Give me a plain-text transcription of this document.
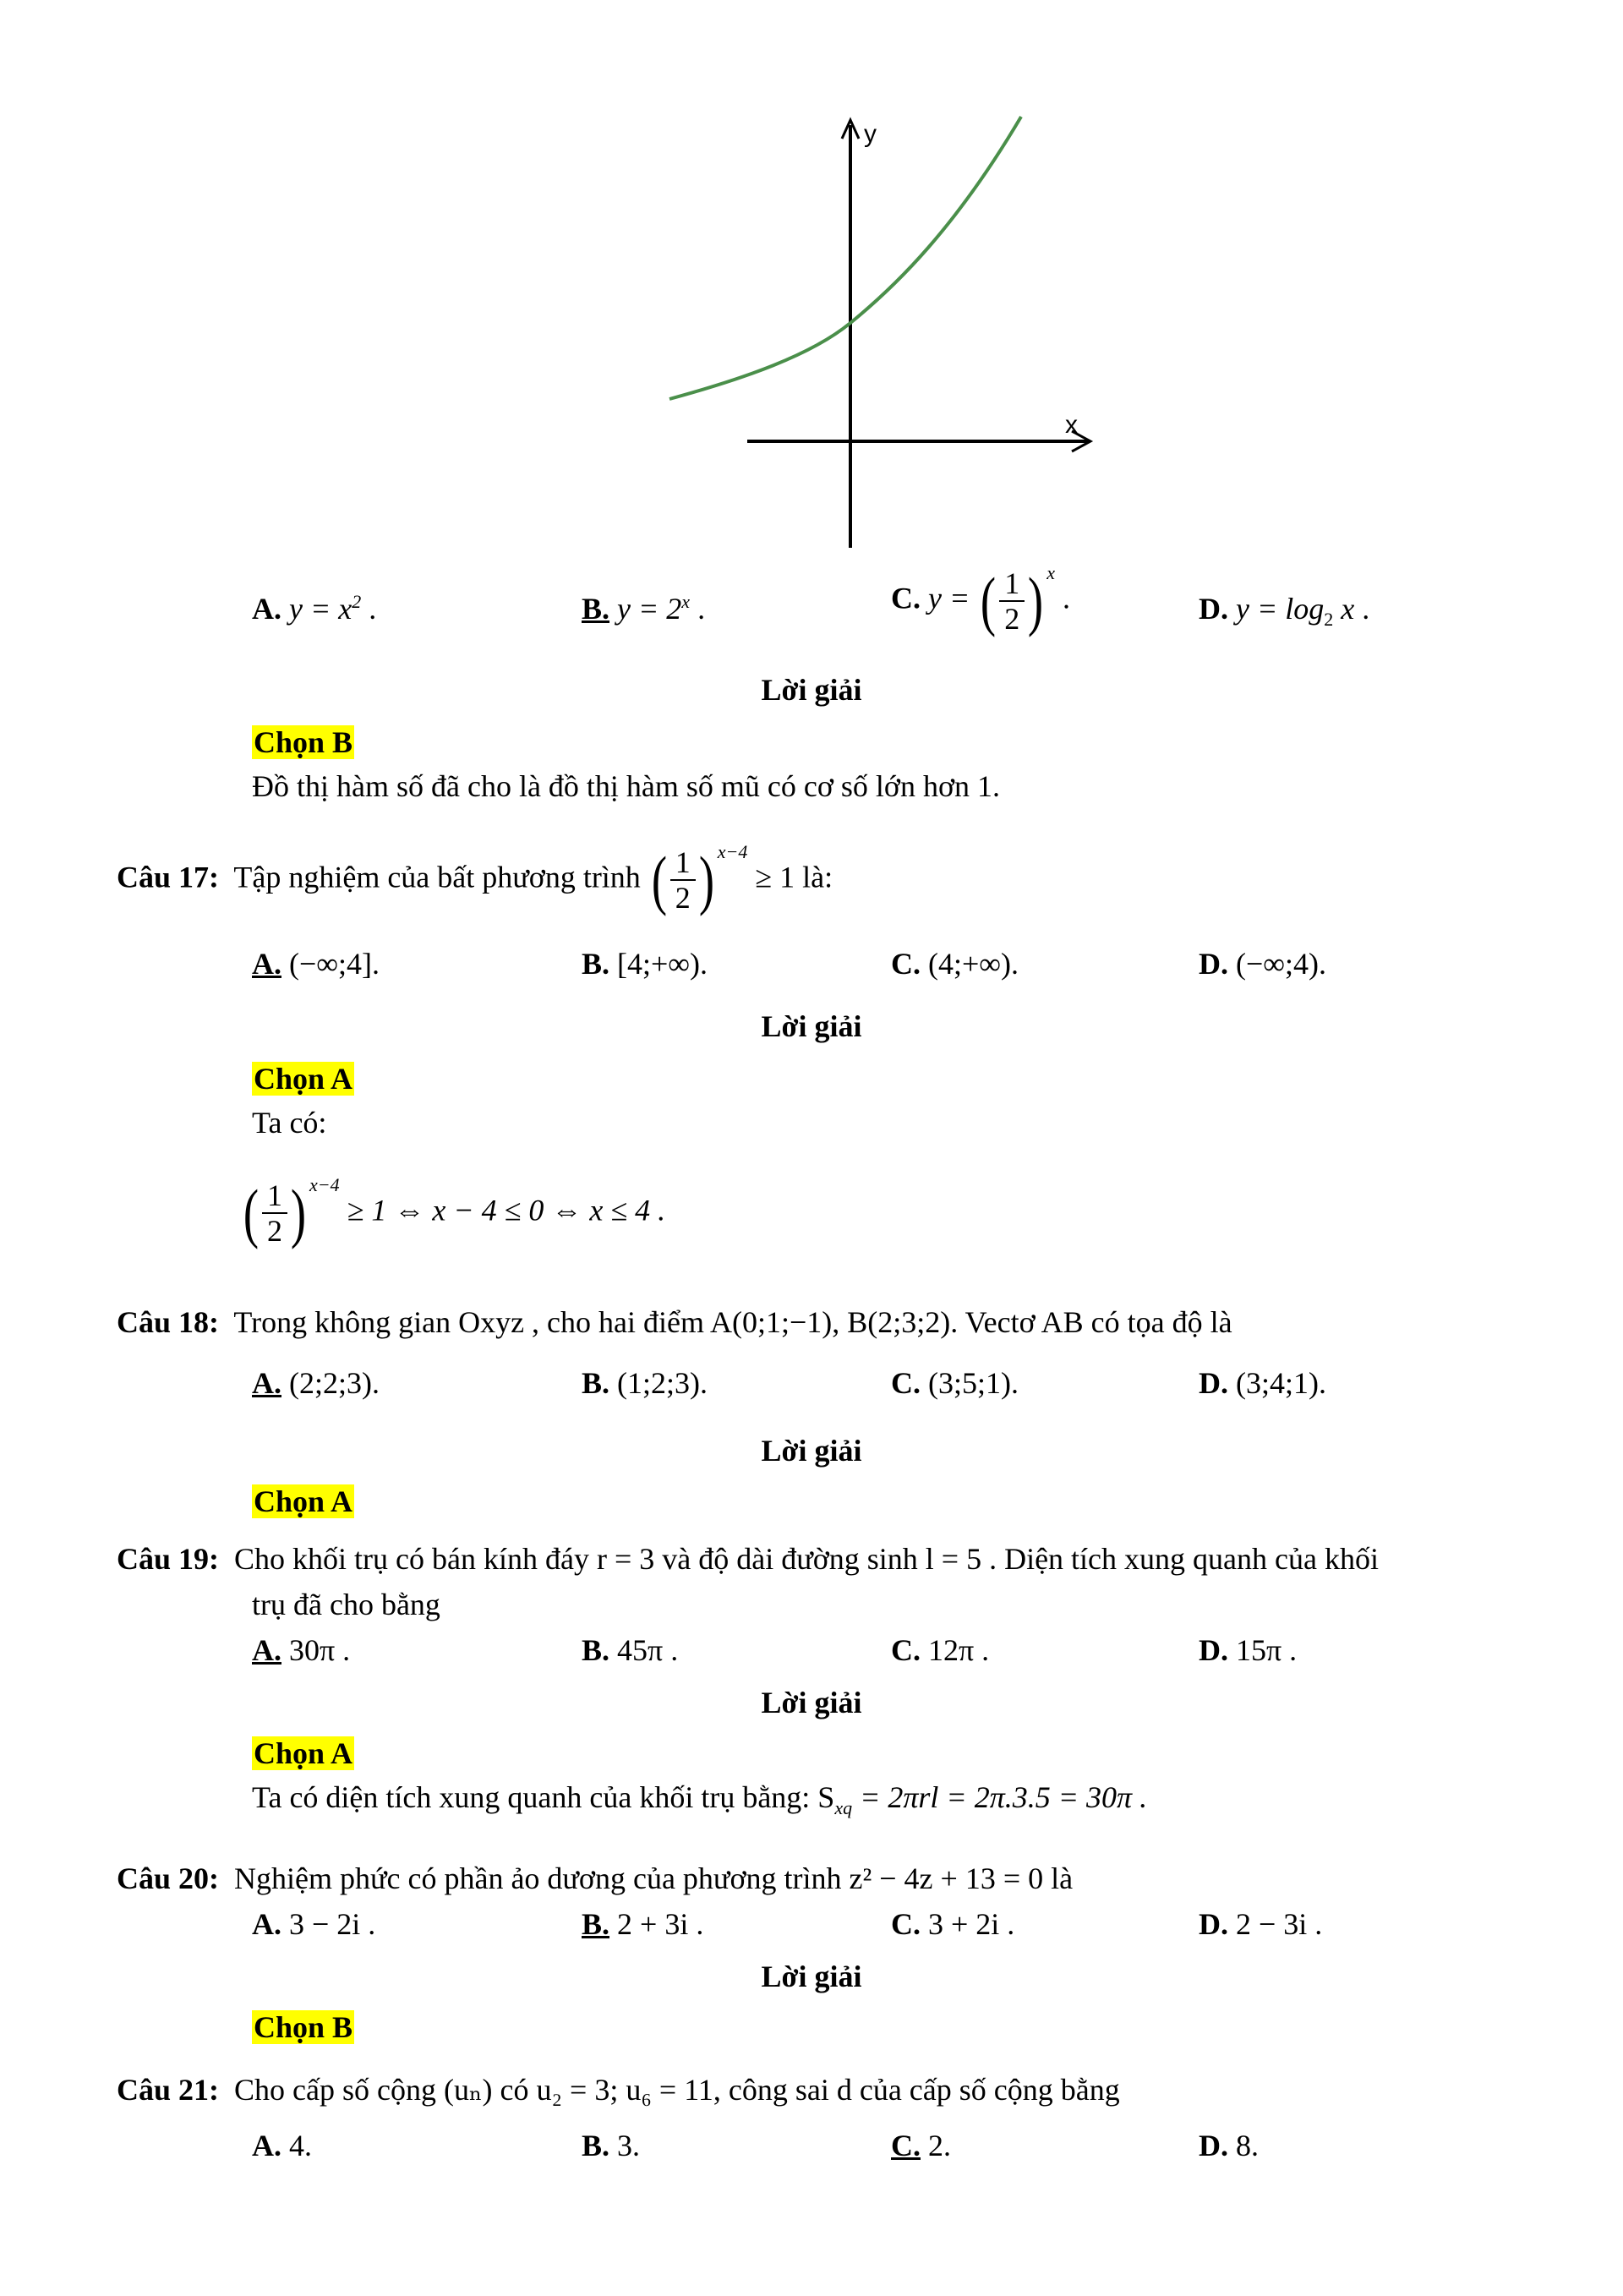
y
x
A. $y = x^2$ .	B. $y = 2^x$ .	C. y = ( $\frac{1}{2}$ ) x .	D. $y = \log_2 x$ .
Lời giải
Chọn B
Đồ thị hàm số đã cho là đồ thị hàm số mũ có cơ số lớn hơn 1.
Câu 17: Tập nghiệm của bất phương trình ( $\frac{1}{2}$ ) x−4 ≥ 1 là:
A. (−∞;4].	B. [4;+∞).	C. (4;+∞).	D. (−∞;4).
Lời giải
Chọn A
Ta có:
( $\frac{1}{2}$ ) x−4 ≥ 1 ⇔ x − 4 ≤ 0 ⇔ x ≤ 4 .
Câu 18: Trong không gian Oxyz , cho hai điểm A(0;1;−1), B(2;3;2). Vectơ AB có tọa độ là
A. (2;2;3).	B. (1;2;3).	C. (3;5;1).	D. (3;4;1).
Lời giải
Chọn A
Câu 19: Cho khối trụ có bán kính đáy r = 3 và độ dài đường sinh l = 5 . Diện tích xung quanh của khối
trụ đã cho bằng
A. 30π .	B. 45π .	C. 12π .	D. 15π .
Lời giải
Chọn A
Ta có diện tích xung quanh của khối trụ bằng: $S_{xq} = 2\pi rl = 2\pi.3.5 = 30\pi$ .
Câu 20: Nghiệm phức có phần ảo dương của phương trình z² − 4z + 13 = 0 là
A. 3 − 2i .	B. 2 + 3i .	C. 3 + 2i .	D. 2 − 3i .
Lời giải
Chọn B
Câu 21: Cho cấp số cộng (uₙ) có u₂ = 3; u₆ = 11, công sai d của cấp số cộng bằng
A. 4.	B. 3.	C. 2.	D. 8.
